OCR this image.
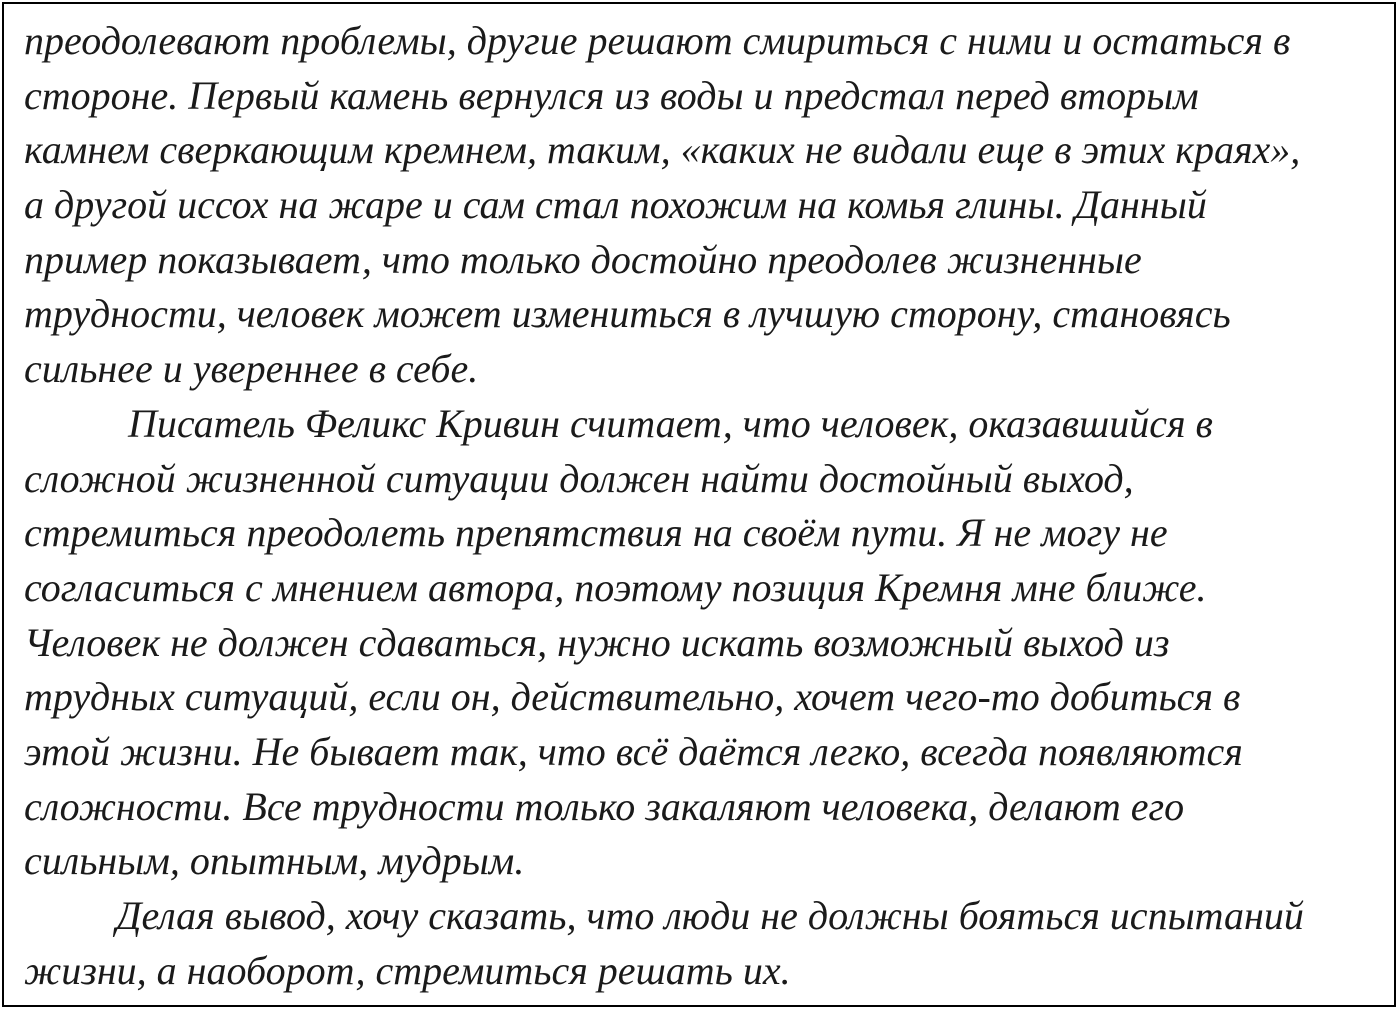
преодолевают проблемы, другие решают смириться с ними и остаться в
стороне. Первый камень вернулся из воды и предстал перед вторым
камнем сверкающим кремнем, таким, «каких не видали еще в этих краях»,
а другой иссох на жаре и сам стал похожим на комья глины. Данный
пример показывает, что только достойно преодолев жизненные
трудности, человек может измениться в лучшую сторону, становясь
сильнее и увереннее в себе.
Писатель Феликс Кривин считает, что человек, оказавшийся в
сложной жизненной ситуации должен найти достойный выход,
стремиться преодолеть препятствия на своём пути. Я не могу не
согласиться с мнением автора, поэтому позиция Кремня мне ближе.
Человек не должен сдаваться, нужно искать возможный выход из
трудных ситуаций, если он, действительно, хочет чего-то добиться в
этой жизни. Не бывает так, что всё даётся легко, всегда появляются
сложности. Все трудности только закаляют человека, делают его
сильным, опытным, мудрым.
Делая вывод, хочу сказать, что люди не должны бояться испытаний
жизни, а наоборот, стремиться решать их.
